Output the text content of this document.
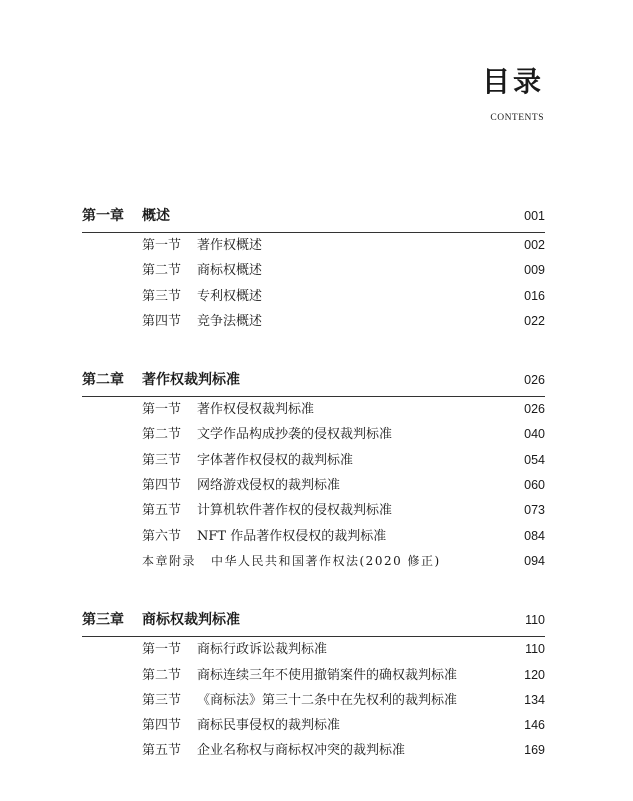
目录
CONTENTS
第一章 概述	001
第一节 著作权概述	002
第二节 商标权概述	009
第三节 专利权概述	016
第四节 竞争法概述	022
第二章 著作权裁判标准	026
第一节 著作权侵权裁判标准	026
第二节 文学作品构成抄袭的侵权裁判标准	040
第三节 字体著作权侵权的裁判标准	054
第四节 网络游戏侵权的裁判标准	060
第五节 计算机软件著作权的侵权裁判标准	073
第六节 NFT 作品著作权侵权的裁判标准	084
本章附录 中华人民共和国著作权法(2020 修正)	094
第三章 商标权裁判标准	110
第一节 商标行政诉讼裁判标准	110
第二节 商标连续三年不使用撤销案件的确权裁判标准	120
第三节 《商标法》第三十二条中在先权利的裁判标准	134
第四节 商标民事侵权的裁判标准	146
第五节 企业名称权与商标权冲突的裁判标准	169
